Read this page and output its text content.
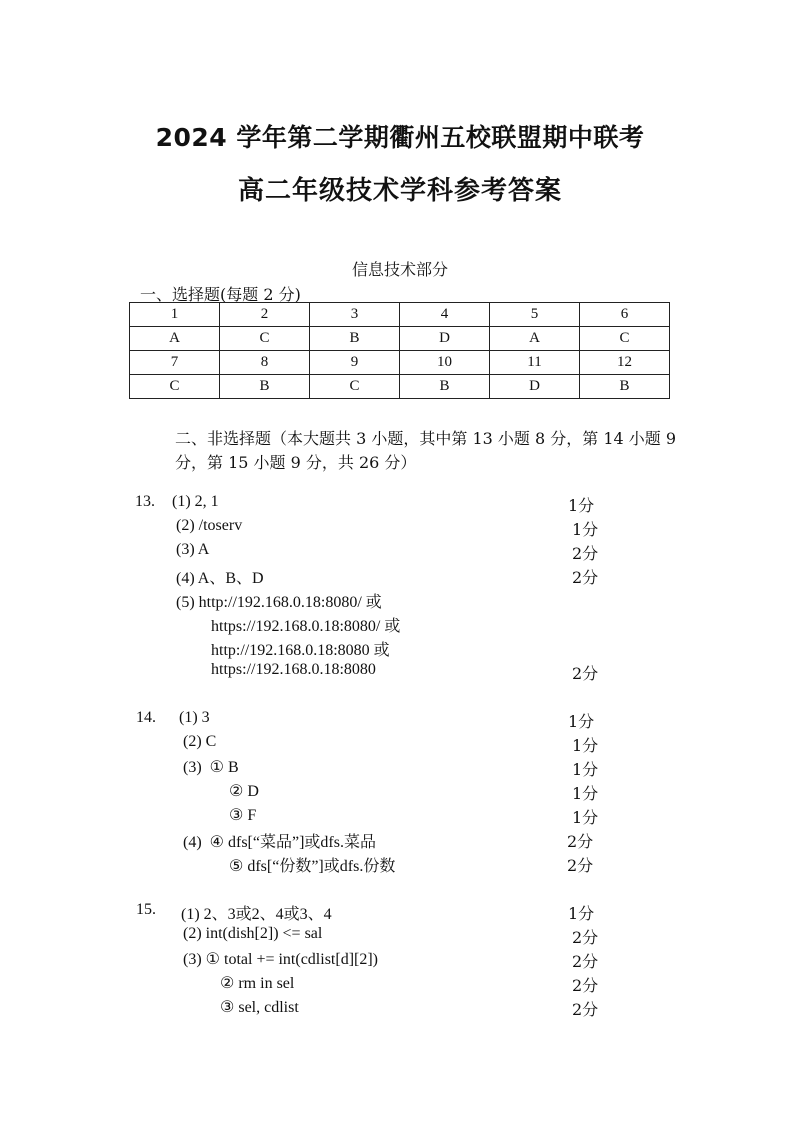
2024 学年第二学期衢州五校联盟期中联考
高二年级技术学科参考答案
信息技术部分
一、选择题(每题 2 分)
1	2	3	4	5	6
A	C	B	D	A	C
7	8	9	10	11	12
C	B	C	B	D	B
二、非选择题（本大题共 3 小题，其中第 13 小题 8 分，第 14 小题 9 分，第 15 小题 9 分，共 26 分）
13. (1) 2, 1	1分
(2) /toserv	1分
(3) A	2分
(4) A、B、D	2分
(5) http://192.168.0.18:8080/ 或
https://192.168.0.18:8080/ 或
http://192.168.0.18:8080 或
https://192.168.0.18:8080	2分
14. (1) 3	1分
(2) C	1分
(3)  ① B	1分
② D	1分
③ F	1分
(4)  ④ dfs[“菜品”]或dfs.菜品	2分
⑤ dfs[“份数”]或dfs.份数	2分
15. (1) 2、3或2、4或3、4	1分
(2) int(dish[2]) <= sal	2分
(3) ① total += int(cdlist[d][2])	2分
② rm in sel	2分
③ sel, cdlist	2分
